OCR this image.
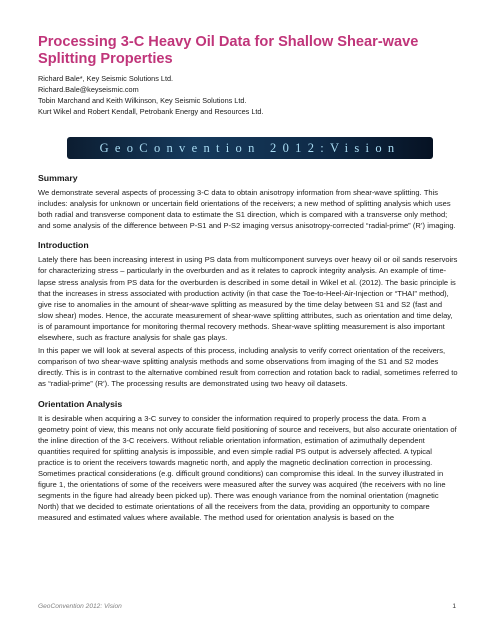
Processing 3-C Heavy Oil Data for Shallow Shear-wave Splitting Properties

Richard Bale*, Key Seismic Solutions Ltd.

Richard.Bale@keyseismic.com

Tobin Marchand and Keith Wilkinson, Key Seismic Solutions Ltd.

Kurt Wikel and Robert Kendall, Petrobank Energy and Resources Ltd.

GeoConvention 2012:Vision
Summary

We demonstrate several aspects of processing 3-C data to obtain anisotropy information from shear-wave splitting. This includes: analysis for unknown or uncertain field orientations of the receivers; a new method of splitting analysis which uses both radial and transverse component data to estimate the S1 direction, which is compared with a transverse only method; and some analysis of the difference between P-S1 and P-S2 imaging versus anisotropy-corrected “radial-prime” (R’) imaging.

Introduction

Lately there has been increasing interest in using PS data from multicomponent surveys over heavy oil or oil sands reservoirs for characterizing stress – particularly in the overburden and as it relates to caprock integrity analysis. An example of time-lapse stress analysis from PS data for the overburden is described in some detail in Wikel et al. (2012). The basic principle is that the increases in stress associated with production activity (in that case the Toe-to-Heel-Air-Injection or “THAI” method), give rise to anomalies in the amount of shear-wave splitting as measured by the time delay between S1 and S2 (fast and slow shear) modes. Hence, the accurate measurement of shear-wave splitting attributes, such as orientation and time delay, is of paramount importance for monitoring thermal recovery methods. Shear-wave splitting measurement is also important elsewhere, such as fracture analysis for shale gas plays.

In this paper we will look at several aspects of this process, including analysis to verify correct orientation of the receivers, comparison of two shear-wave splitting analysis methods and some observations from imaging of the S1 and S2 modes directly. This is in contrast to the alternative combined result from correction and rotation back to radial, sometimes referred to as “radial-prime” (R’). The processing results are demonstrated using two heavy oil datasets.

Orientation Analysis

It is desirable when acquiring a 3-C survey to consider the information required to properly process the data. From a geometry point of view, this means not only accurate field positioning of source and receivers, but also accurate orientation of the inline direction of the 3-C receivers. Without reliable orientation information, estimation of azimuthally dependent quantities required for splitting analysis is impossible, and even simple radial PS output is adversely affected. A typical practice is to orient the receivers towards magnetic north, and apply the magnetic declination correction in processing. Sometimes practical considerations (e.g. difficult ground conditions) can compromise this ideal. In the survey illustrated in figure 1, the orientations of some of the receivers were measured after the survey was acquired (the receivers with no line segments in the figure had already been picked up). There was enough variance from the nominal orientation (magnetic North) that we decided to estimate orientations of all the receivers from the data, providing an opportunity to compare measured and estimated values where available. The method used for orientation analysis is based on the

GeoConvention 2012: Vision	1
